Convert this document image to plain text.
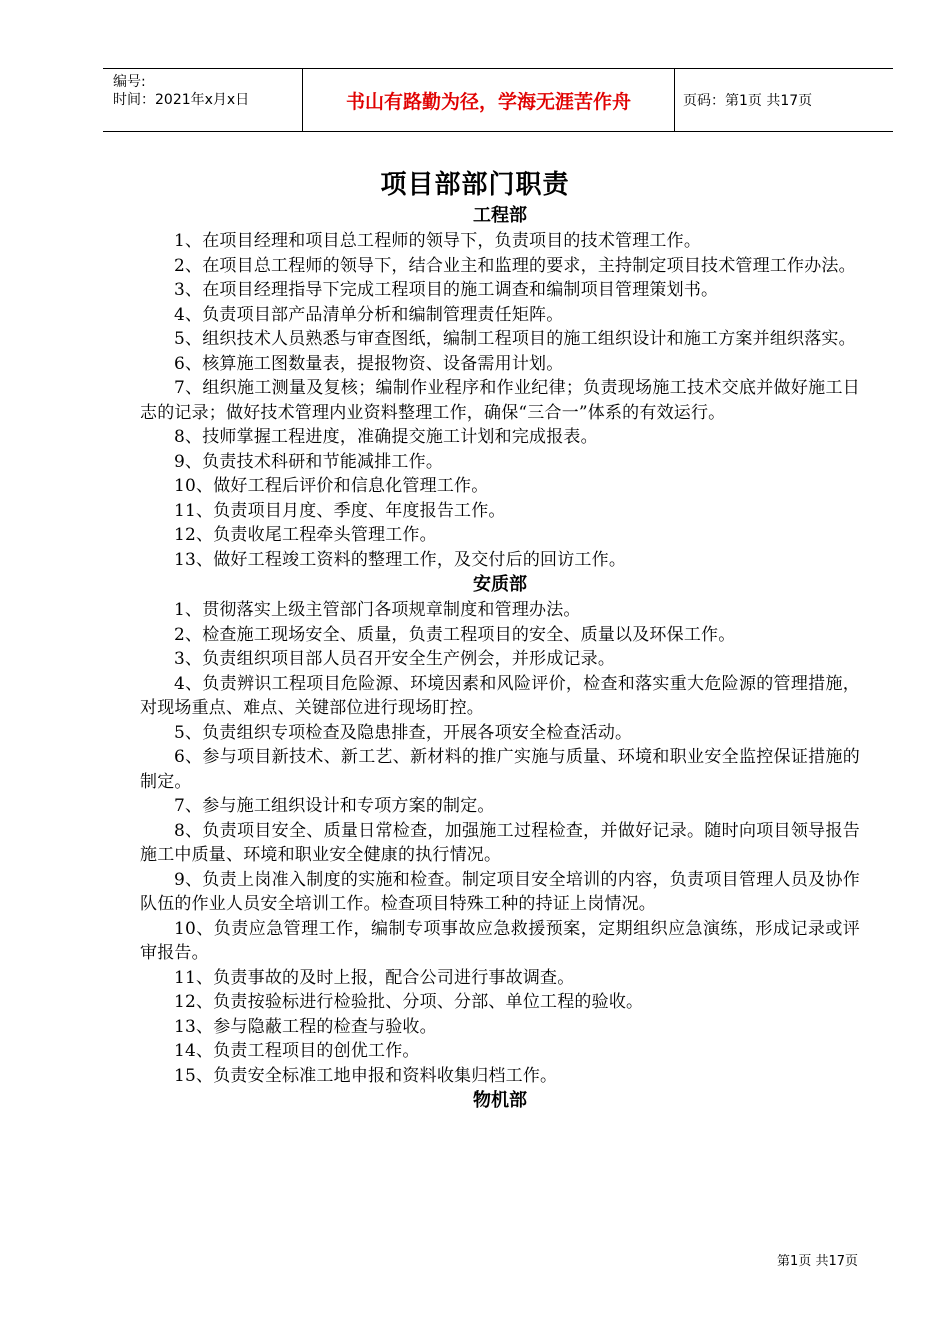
编号:
时间：2021年x月x日	书山有路勤为径，学海无涯苦作舟	页码：第1页 共17页
项目部部门职责
工程部
1、在项目经理和项目总工程师的领导下，负责项目的技术管理工作。
2、在项目总工程师的领导下，结合业主和监理的要求，主持制定项目技术管理工作办法。
3、在项目经理指导下完成工程项目的施工调查和编制项目管理策划书。
4、负责项目部产品清单分析和编制管理责任矩阵。
5、组织技术人员熟悉与审查图纸，编制工程项目的施工组织设计和施工方案并组织落实。
6、核算施工图数量表，提报物资、设备需用计划。
7、组织施工测量及复核；编制作业程序和作业纪律；负责现场施工技术交底并做好施工日志的记录；做好技术管理内业资料整理工作，确保“三合一”体系的有效运行。
8、技师掌握工程进度，准确提交施工计划和完成报表。
9、负责技术科研和节能减排工作。
10、做好工程后评价和信息化管理工作。
11、负责项目月度、季度、年度报告工作。
12、负责收尾工程牵头管理工作。
13、做好工程竣工资料的整理工作，及交付后的回访工作。
安质部
1、贯彻落实上级主管部门各项规章制度和管理办法。
2、检查施工现场安全、质量，负责工程项目的安全、质量以及环保工作。
3、负责组织项目部人员召开安全生产例会，并形成记录。
4、负责辨识工程项目危险源、环境因素和风险评价，检查和落实重大危险源的管理措施，对现场重点、难点、关键部位进行现场盯控。
5、负责组织专项检查及隐患排查，开展各项安全检查活动。
6、参与项目新技术、新工艺、新材料的推广实施与质量、环境和职业安全监控保证措施的制定。
7、参与施工组织设计和专项方案的制定。
8、负责项目安全、质量日常检查，加强施工过程检查，并做好记录。随时向项目领导报告施工中质量、环境和职业安全健康的执行情况。
9、负责上岗准入制度的实施和检查。制定项目安全培训的内容，负责项目管理人员及协作队伍的作业人员安全培训工作。检查项目特殊工种的持证上岗情况。
10、负责应急管理工作，编制专项事故应急救援预案，定期组织应急演练，形成记录或评审报告。
11、负责事故的及时上报，配合公司进行事故调查。
12、负责按验标进行检验批、分项、分部、单位工程的验收。
13、参与隐蔽工程的检查与验收。
14、负责工程项目的创优工作。
15、负责安全标准工地申报和资料收集归档工作。
物机部
第1页 共17页
